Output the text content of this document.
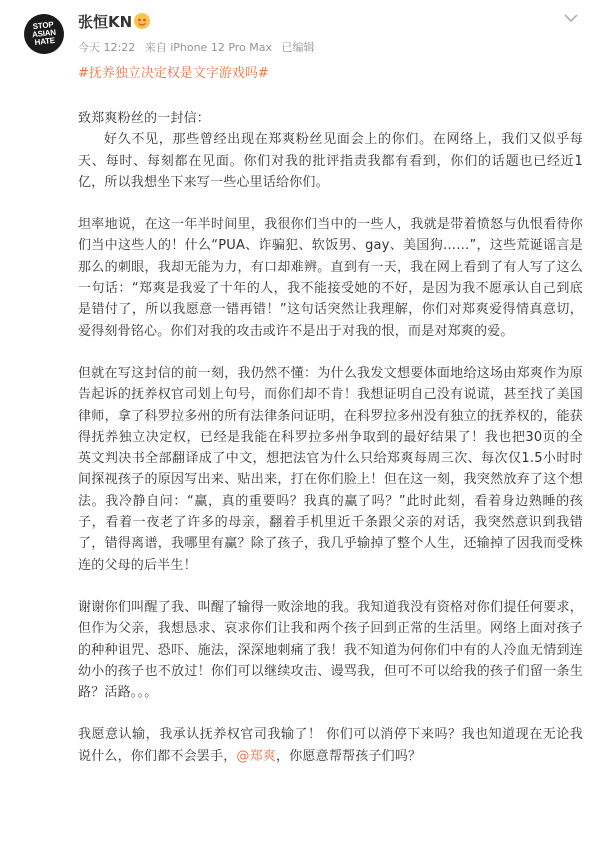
STOP
ASIAN
HATE
张恒KN
今天 12:22 来自 iPhone 12 Pro Max 已编辑
#抚养独立决定权是文字游戏吗#

致郑爽粉丝的一封信：

好久不见，那些曾经出现在郑爽粉丝见面会上的你们。在网络上，我们又似乎每天、每时、每刻都在见面。你们对我的批评指责我都有看到，你们的话题也已经近1亿，所以我想坐下来写一些心里话给你们。

坦率地说，在这一年半时间里，我很你们当中的一些人，我就是带着愤怒与仇恨看待你们当中这些人的！什么“PUA、诈骗犯、软饭男、gay、美国狗……”，这些荒诞谣言是那么的刺眼，我却无能为力，有口却难辨。直到有一天，我在网上看到了有人写了这么一句话：“郑爽是我爱了十年的人，我不能接受她的不好，是因为我不愿承认自己到底是错付了，所以我愿意一错再错！”这句话突然让我理解，你们对郑爽爱得情真意切，爱得刻骨铭心。你们对我的攻击或许不是出于对我的恨，而是对郑爽的爱。

但就在写这封信的前一刻，我仍然不懂：为什么我发文想要体面地给这场由郑爽作为原告起诉的抚养权官司划上句号，而你们却不肯！我想证明自己没有说谎，甚至找了美国律师，拿了科罗拉多州的所有法律条问证明，在科罗拉多州没有独立的抚养权的，能获得抚养独立决定权，已经是我能在科罗拉多州争取到的最好结果了！我也把30页的全英文判决书全部翻译成了中文，想把法官为什么只给郑爽每周三次、每次仅1.5小时时间探视孩子的原因写出来、贴出来，打在你们脸上！但在这一刻，我突然放弃了这个想法。我冷静自问：“赢，真的重要吗？我真的赢了吗？”此时此刻，看着身边熟睡的孩子，看着一夜老了许多的母亲，翻着手机里近千条跟父亲的对话，我突然意识到我错了，错得离谱，我哪里有赢？除了孩子，我几乎输掉了整个人生，还输掉了因我而受株连的父母的后半生！

谢谢你们叫醒了我、叫醒了输得一败涂地的我。我知道我没有资格对你们提任何要求，但作为父亲，我想恳求、哀求你们让我和两个孩子回到正常的生活里。网络上面对孩子的种种诅咒、恐吓、施法，深深地刺痛了我！我不知道为何你们中有的人冷血无情到连幼小的孩子也不放过！你们可以继续攻击、谩骂我，但可不可以给我的孩子们留一条生路？活路。。。

我愿意认输，我承认抚养权官司我输了！ 你们可以消停下来吗？我也知道现在无论我说什么，你们都不会罢手，@郑爽，你愿意帮帮孩子们吗？
